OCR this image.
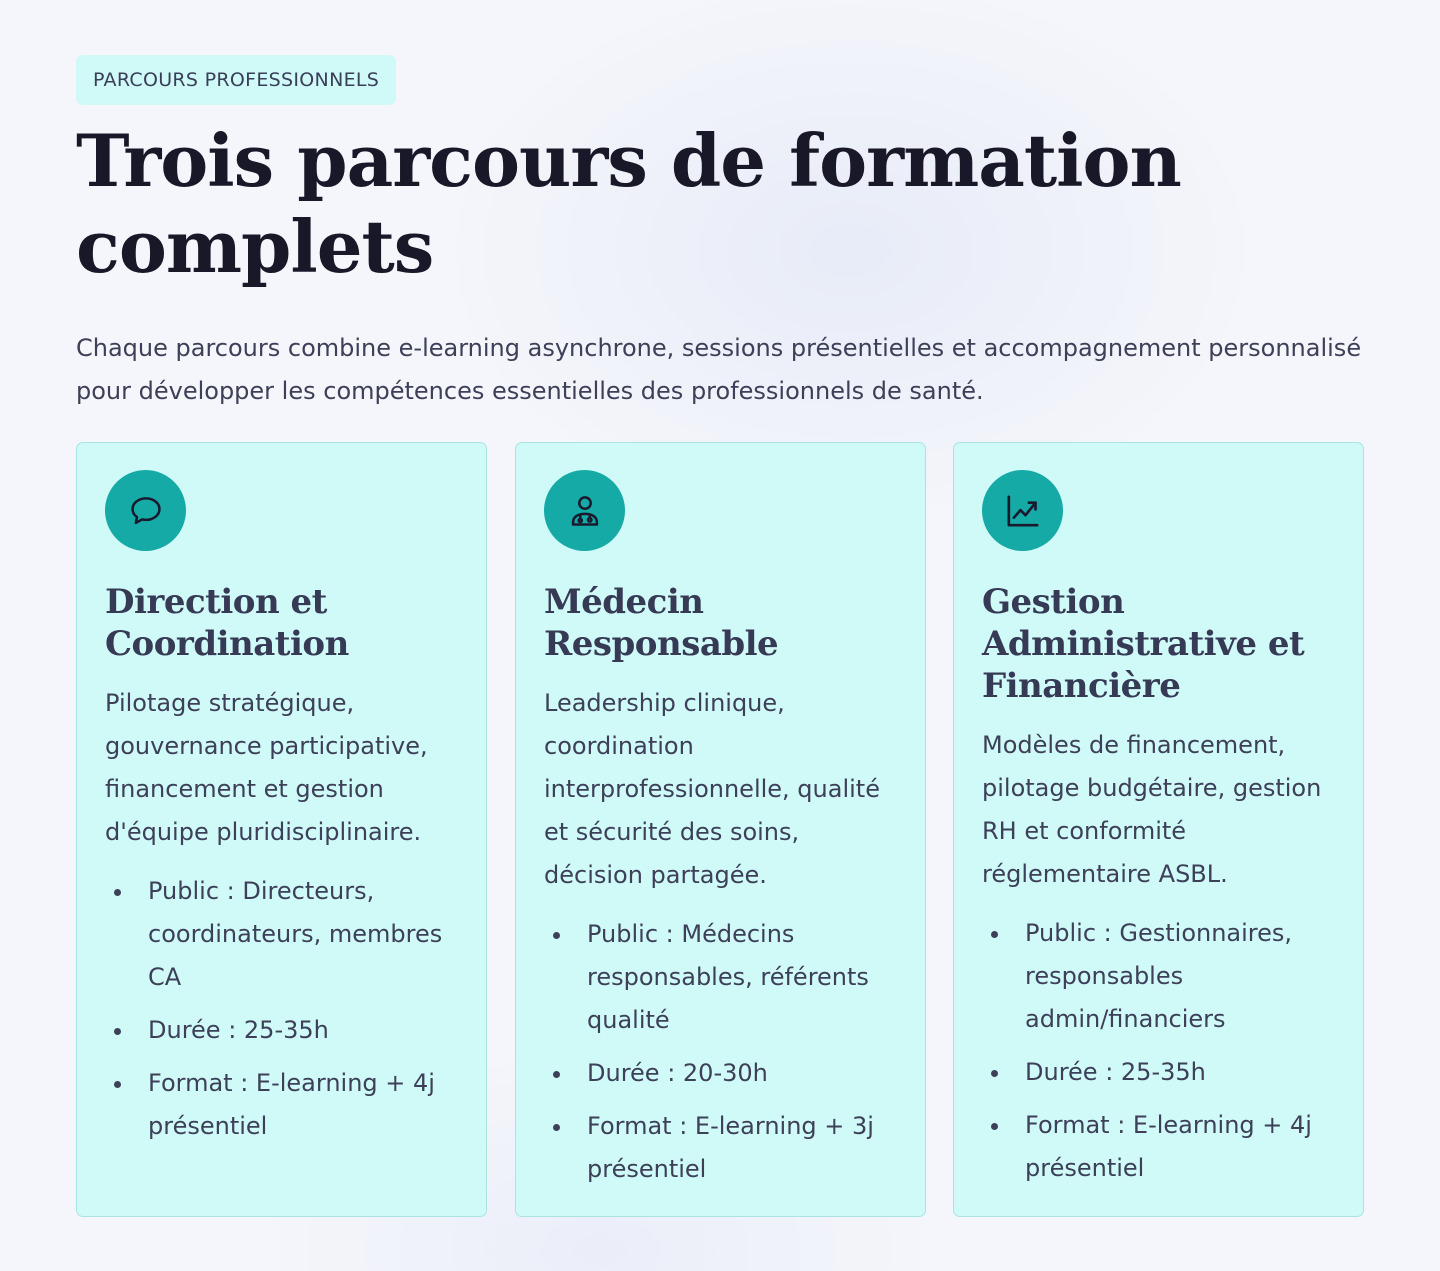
PARCOURS PROFESSIONNELS
Trois parcours de formation complets

Chaque parcours combine e-learning asynchrone, sessions présentielles et accompagnement personnalisé pour développer les compétences essentielles des professionnels de santé.

Direction et Coordination

Pilotage stratégique, gouvernance participative, financement et gestion d'équipe pluridisciplinaire.

Public : Directeurs, coordinateurs, membres CA
Durée : 25-35h
Format : E-learning + 4j présentiel
Médecin Responsable

Leadership clinique, coordination interprofessionnelle, qualité et sécurité des soins, décision partagée.

Public : Médecins responsables, référents qualité
Durée : 20-30h
Format : E-learning + 3j présentiel
Gestion Administrative et Financière

Modèles de financement, pilotage budgétaire, gestion RH et conformité réglementaire ASBL.

Public : Gestionnaires, responsables admin/financiers
Durée : 25-35h
Format : E-learning + 4j présentiel
